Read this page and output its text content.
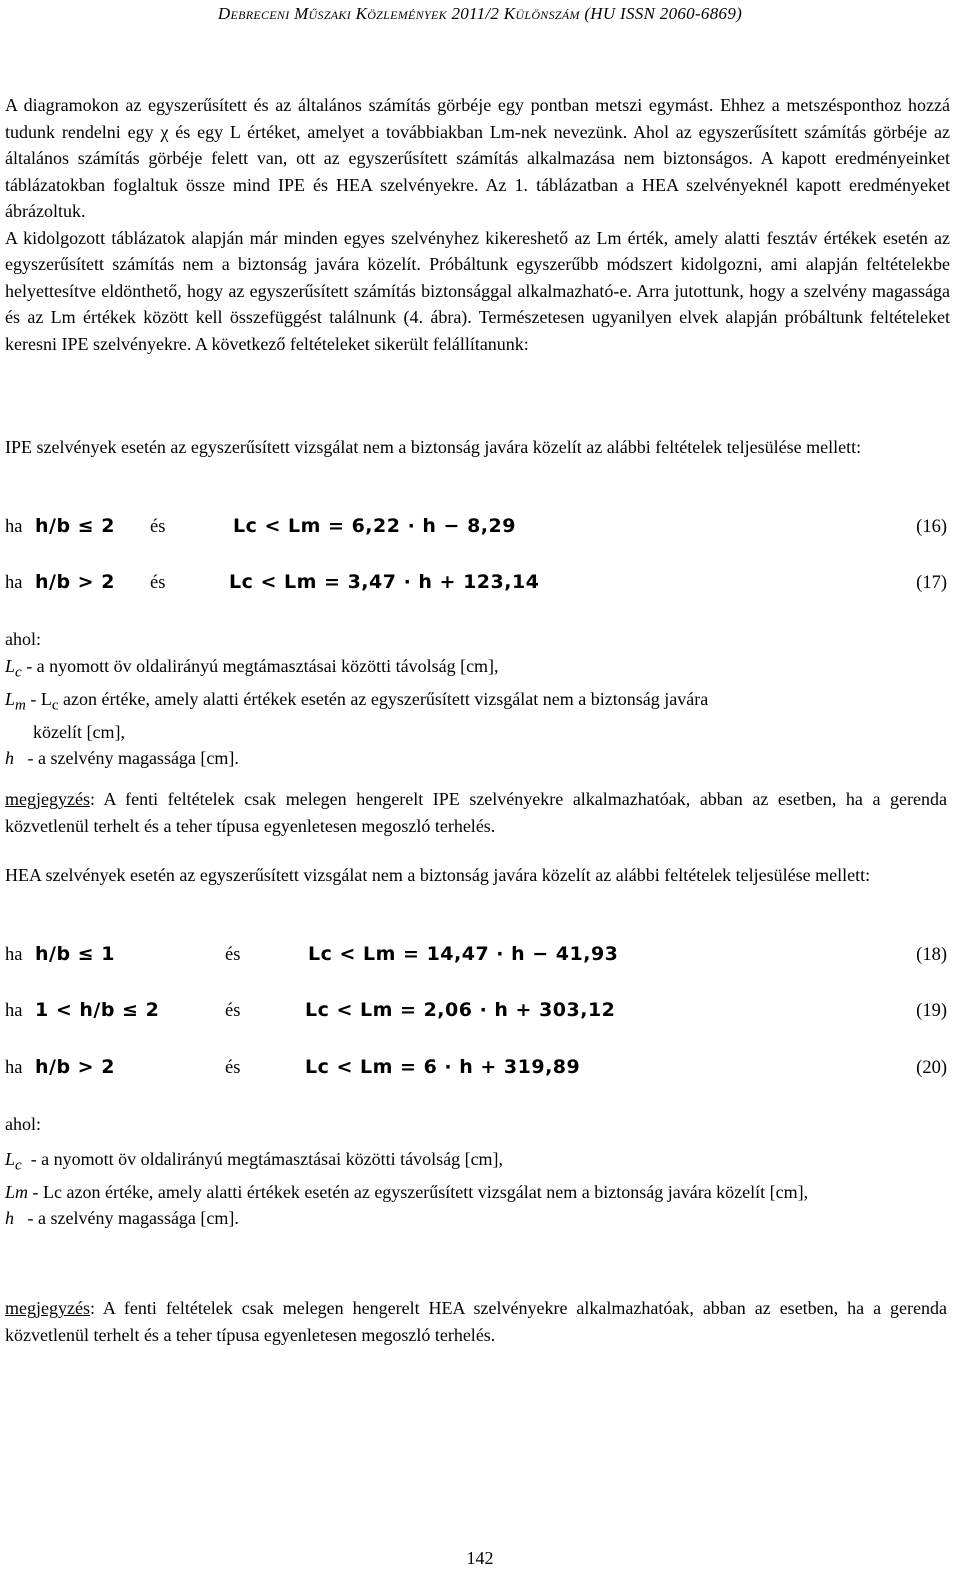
Debreceni Műszaki Közlemények 2011/2 Különszám (HU ISSN 2060-6869)

A diagramokon az egyszerűsített és az általános számítás görbéje egy pontban metszi egymást. Ehhez a metszésponthoz hozzá tudunk rendelni egy χ és egy L értéket, amelyet a továbbiakban Lm-nek nevezünk. Ahol az egyszerűsített számítás görbéje az általános számítás görbéje felett van, ott az egyszerűsített számítás alkalmazása nem biztonságos. A kapott eredményeinket táblázatokban foglaltuk össze mind IPE és HEA szelvényekre. Az 1. táblázatban a HEA szelvényeknél kapott eredményeket ábrázoltuk.

A kidolgozott táblázatok alapján már minden egyes szelvényhez kikereshető az Lm érték, amely alatti fesztáv értékek esetén az egyszerűsített számítás nem a biztonság javára közelít. Próbáltunk egyszerűbb módszert kidolgozni, ami alapján feltételekbe helyettesítve eldönthető, hogy az egyszerűsített számítás biztonsággal alkalmazható-e. Arra jutottunk, hogy a szelvény magassága és az Lm értékek között kell összefüggést találnunk (4. ábra). Természetesen ugyanilyen elvek alapján próbáltunk feltételeket keresni IPE szelvényekre. A következő feltételeket sikerült felállítanunk:

IPE szelvények esetén az egyszerűsített vizsgálat nem a biztonság javára közelít az alábbi feltételek teljesülése mellett:

ha h/b ≤ 2 és	Lc < Lm = 6,22 · h − 8,29	(16)
ha h/b > 2 és	Lc < Lm = 3,47 · h + 123,14	(17)
ahol:
$L_c$ - a nyomott öv oldalirányú megtámasztásai közötti távolság [cm],
$L_m - L_c$ azon értéke, amely alatti értékek esetén az egyszerűsített vizsgálat nem a biztonság javára
közelít [cm],
h   - a szelvény magassága [cm].
megjegyzés: A fenti feltételek csak melegen hengerelt IPE szelvényekre alkalmazhatóak, abban az esetben, ha a gerenda közvetlenül terhelt és a teher típusa egyenletesen megoszló terhelés.

HEA szelvények esetén az egyszerűsített vizsgálat nem a biztonság javára közelít az alábbi feltételek teljesülése mellett:

ha h/b ≤ 1	és	Lc < Lm = 14,47 · h − 41,93	(18)
ha 1 < h/b ≤ 2	és	Lc < Lm = 2,06 · h + 303,12	(19)
ha h/b > 2	és	Lc < Lm = 6 · h + 319,89	(20)
ahol:
$L_c$  - a nyomott öv oldalirányú megtámasztásai közötti távolság [cm],
Lm - Lc azon értéke, amely alatti értékek esetén az egyszerűsített vizsgálat nem a biztonság javára közelít [cm],
h   - a szelvény magassága [cm].
megjegyzés: A fenti feltételek csak melegen hengerelt HEA szelvényekre alkalmazhatóak, abban az esetben, ha a gerenda közvetlenül terhelt és a teher típusa egyenletesen megoszló terhelés.
142
